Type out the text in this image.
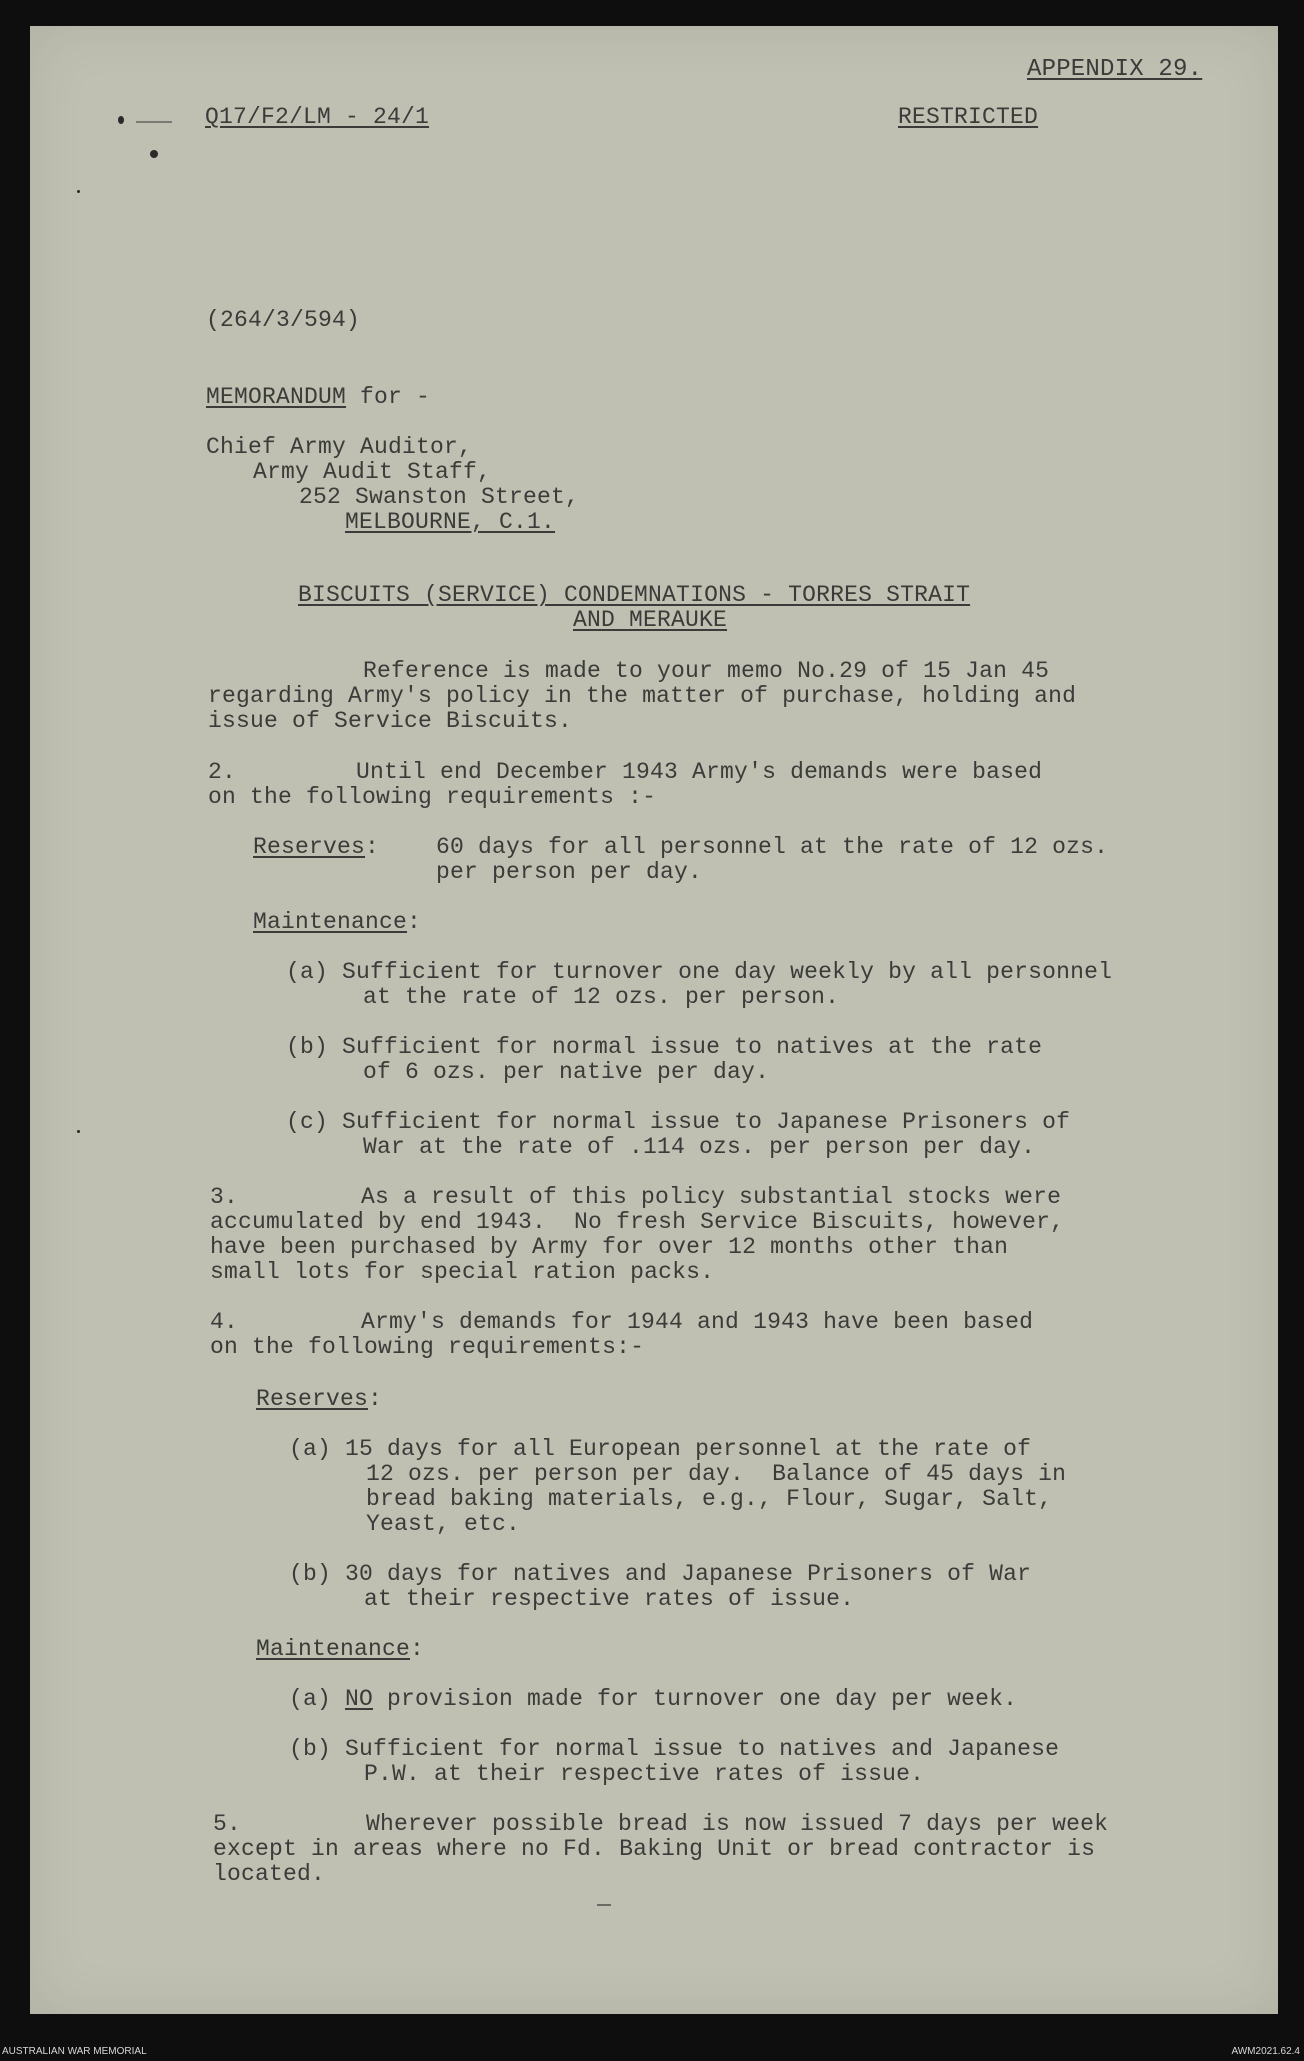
APPENDIX 29.
Q17/F2/LM - 24/1	RESTRICTED
(264/3/594)
MEMORANDUM for -
Chief Army Auditor,
Army Audit Staff,
252 Swanston Street,
MELBOURNE, C.1.
BISCUITS (SERVICE) CONDEMNATIONS - TORRES STRAIT
AND MERAUKE
Reference is made to your memo No.29 of 15 Jan 45
regarding Army's policy in the matter of purchase, holding and
issue of Service Biscuits.
2.	Until end December 1943 Army's demands were based
on the following requirements :-
Reserves: 60 days for all personnel at the rate of 12 ozs.
per person per day.
Maintenance:
(a) Sufficient for turnover one day weekly by all personnel
at the rate of 12 ozs. per person.
(b) Sufficient for normal issue to natives at the rate
of 6 ozs. per native per day.
(c) Sufficient for normal issue to Japanese Prisoners of
War at the rate of .114 ozs. per person per day.
3.	As a result of this policy substantial stocks were
accumulated by end 1943.  No fresh Service Biscuits, however,
have been purchased by Army for over 12 months other than
small lots for special ration packs.
4.	Army's demands for 1944 and 1943 have been based
on the following requirements:-
Reserves:
(a) 15 days for all European personnel at the rate of
12 ozs. per person per day.  Balance of 45 days in
bread baking materials, e.g., Flour, Sugar, Salt,
Yeast, etc.
(b) 30 days for natives and Japanese Prisoners of War
at their respective rates of issue.
Maintenance:
(a) NO provision made for turnover one day per week.
(b) Sufficient for normal issue to natives and Japanese
P.W. at their respective rates of issue.
5.	Wherever possible bread is now issued 7 days per week
except in areas where no Fd. Baking Unit or bread contractor is
located.
AUSTRALIAN WAR MEMORIAL	AWM2021.62.4
